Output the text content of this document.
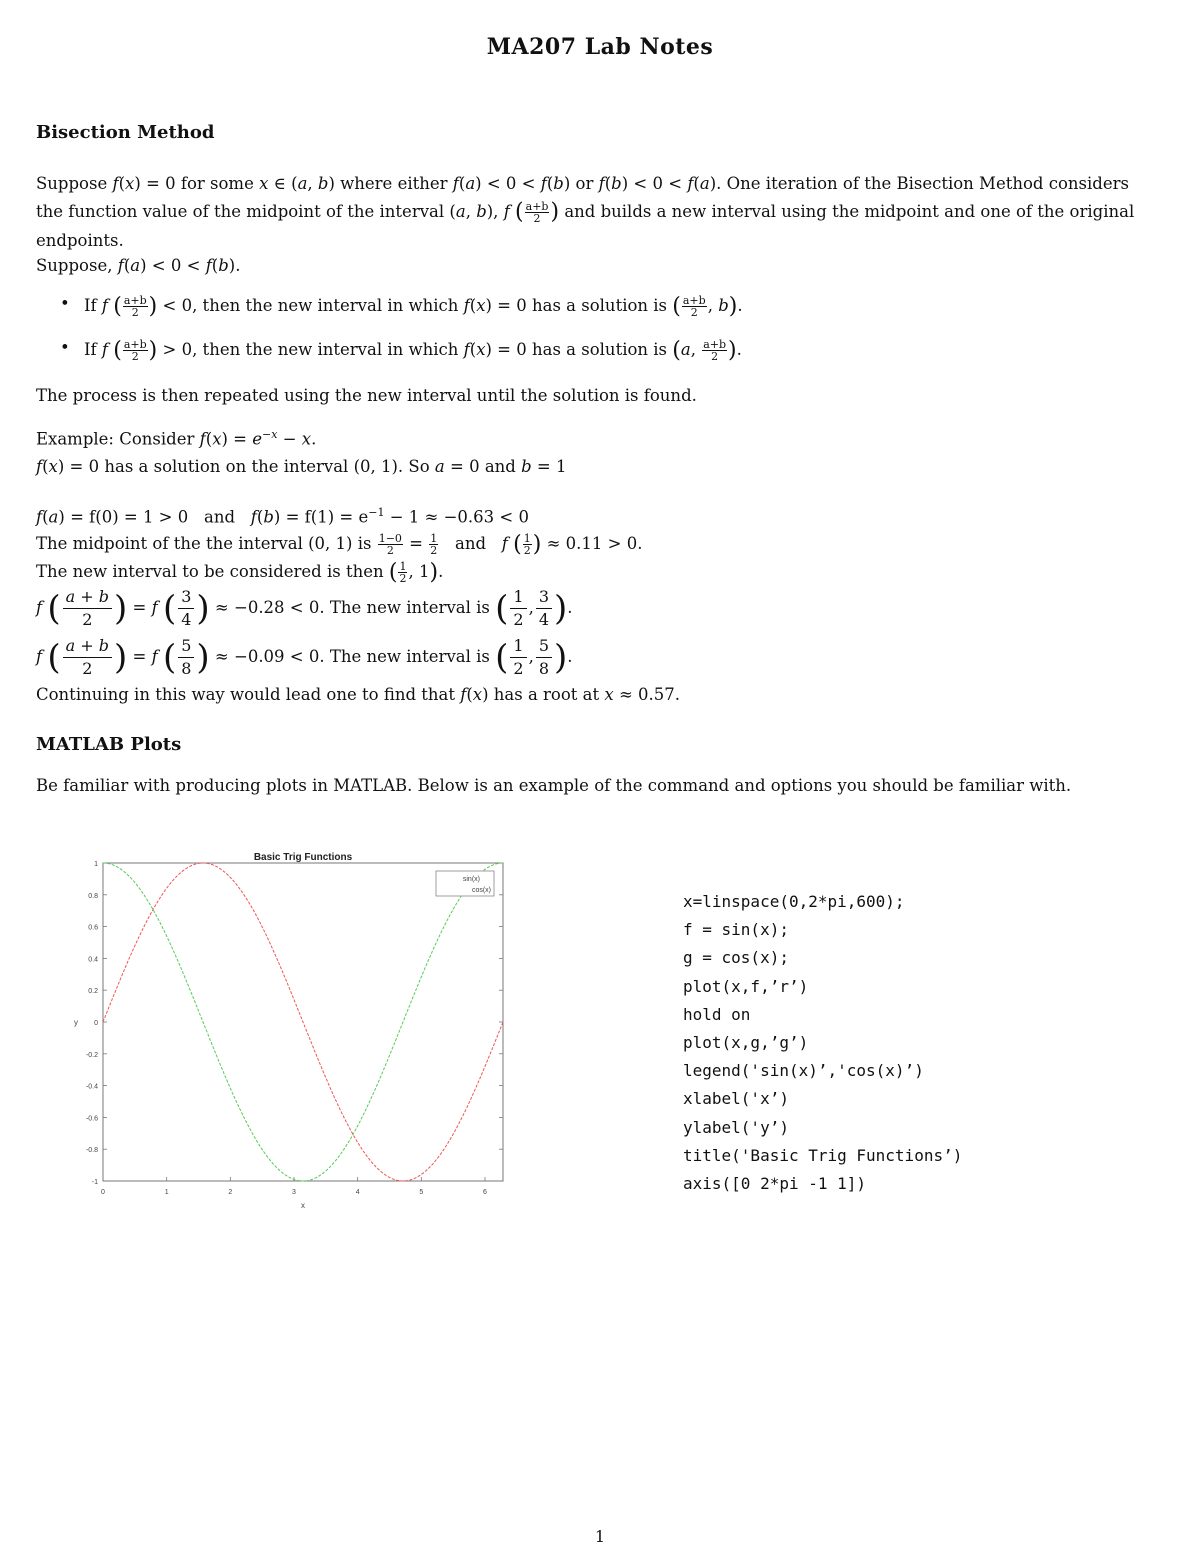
MA207 Lab Notes
Bisection Method
Suppose f(x) = 0 for some x ∈ (a, b) where either f(a) < 0 < f(b) or f(b) < 0 < f(a). One iteration of the Bisection Method considers the function value of the midpoint of the interval (a, b), f ( $\frac{a+b}{2}$ ) and builds a new interval using the midpoint and one of the original endpoints.
Suppose, f(a) < 0 < f(b).
• If f ( $\frac{a+b}{2}$ ) < 0, then the new interval in which f(x) = 0 has a solution is ( $\frac{a+b}{2}$ , b).
• If f ( $\frac{a+b}{2}$ ) > 0, then the new interval in which f(x) = 0 has a solution is (a, $\frac{a+b}{2}$ ).
The process is then repeated using the new interval until the solution is found.
Example: Consider $f(x) = e^{-x} - x$.
f(x) = 0 has a solution on the interval (0, 1). So a = 0 and b = 1
f(a) = f(0) = 1 > 0 and $f(b) = f(1) = e^{-1} - 1 \approx -0.63 < 0$
The midpoint of the the interval (0, 1) is $\frac{1-0}{2} = \frac{1}{2}$ and f ( $\frac{1}{2}$ ) ≈ 0.11 > 0.
The new interval to be considered is then ( $\frac{1}{2}$ , 1).
f ( $\frac{a + b}{2}$ ) = f ( $\frac{3}{4}$ ) ≈ −0.28 < 0. The new interval is ( $\frac{1}{2}$ , $\frac{3}{4}$ ).
f ( $\frac{a + b}{2}$ ) = f ( $\frac{5}{8}$ ) ≈ −0.09 < 0. The new interval is ( $\frac{1}{2}$ , $\frac{5}{8}$ ).
Continuing in this way would lead one to find that f(x) has a root at x ≈ 0.57.
MATLAB Plots
Be familiar with producing plots in MATLAB. Below is an example of the command and options you should be familiar with.
Basic Trig Functions
-1
-0.8
-0.6
-0.4
-0.2
0
0.2
0.4
0.6
0.8
1
0	1	2	3	4	5	6
y
x
sin(x)
cos(x)
x=linspace(0,2*pi,600);
f = sin(x);
g = cos(x);
plot(x,f,’r’)
hold on
plot(x,g,’g’)
legend('sin(x)’,'cos(x)’)
xlabel('x’)
ylabel('y’)
title('Basic Trig Functions’)
axis([0 2*pi -1 1])
1
